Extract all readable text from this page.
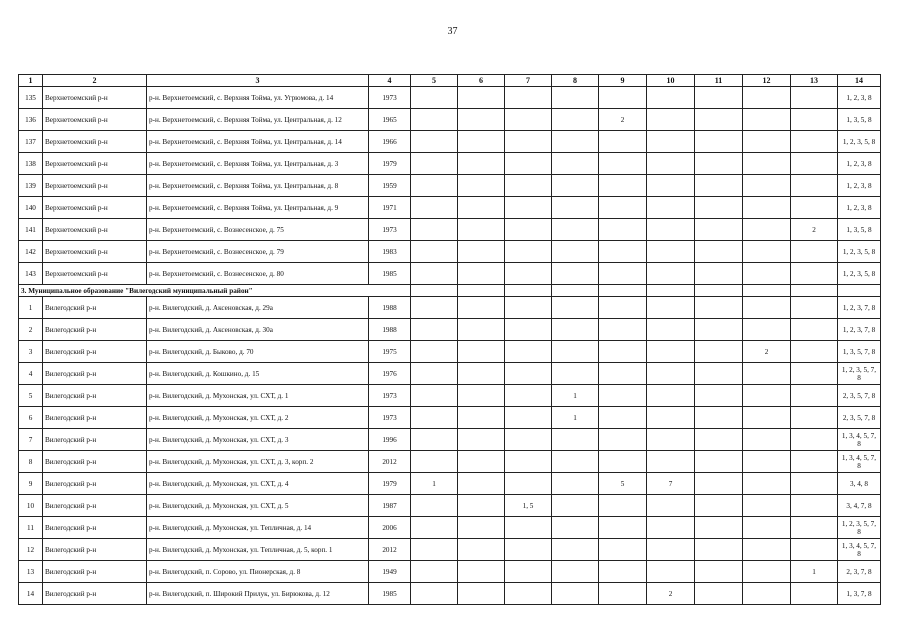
37
1	2	3	4	5	6	7	8	9	10	11	12	13	14
135	Верхнетоемский р-н	р-н. Верхнетоемский, с. Верхняя Тойма, ул. Угрюмова, д. 14	1973										1, 2, 3, 8
136	Верхнетоемский р-н	р-н. Верхнетоемский, с. Верхняя Тойма, ул. Центральная, д. 12	1965					2					1, 3, 5, 8
137	Верхнетоемский р-н	р-н. Верхнетоемский, с. Верхняя Тойма, ул. Центральная, д. 14	1966										1, 2, 3, 5, 8
138	Верхнетоемский р-н	р-н. Верхнетоемский, с. Верхняя Тойма, ул. Центральная, д. 3	1979										1, 2, 3, 8
139	Верхнетоемский р-н	р-н. Верхнетоемский, с. Верхняя Тойма, ул. Центральная, д. 8	1959										1, 2, 3, 8
140	Верхнетоемский р-н	р-н. Верхнетоемский, с. Верхняя Тойма, ул. Центральная, д. 9	1971										1, 2, 3, 8
141	Верхнетоемский р-н	р-н. Верхнетоемский, с. Вознесенское, д. 75	1973									2	1, 3, 5, 8
142	Верхнетоемский р-н	р-н. Верхнетоемский, с. Вознесенское, д. 79	1983										1, 2, 3, 5, 8
143	Верхнетоемский р-н	р-н. Верхнетоемский, с. Вознесенское, д. 80	1985										1, 2, 3, 5, 8
3. Муниципальное образование "Вилегодский муниципальный район"													
1	Вилегодский р-н	р-н. Вилегодский, д. Аксеновская, д. 29а	1988										1, 2, 3, 7, 8
2	Вилегодский р-н	р-н. Вилегодский, д. Аксеновская, д. 30а	1988										1, 2, 3, 7, 8
3	Вилегодский р-н	р-н. Вилегодский, д. Быково, д. 70	1975								2		1, 3, 5, 7, 8
4	Вилегодский р-н	р-н. Вилегодский, д. Кошкино, д. 15	1976										1, 2, 3, 5, 7, 8
5	Вилегодский р-н	р-н. Вилегодский, д. Мухонская, ул. СХТ, д. 1	1973				1						2, 3, 5, 7, 8
6	Вилегодский р-н	р-н. Вилегодский, д. Мухонская, ул. СХТ, д. 2	1973				1						2, 3, 5, 7, 8
7	Вилегодский р-н	р-н. Вилегодский, д. Мухонская, ул. СХТ, д. 3	1996										1, 3, 4, 5, 7, 8
8	Вилегодский р-н	р-н. Вилегодский, д. Мухонская, ул. СХТ, д. 3, корп. 2	2012										1, 3, 4, 5, 7, 8
9	Вилегодский р-н	р-н. Вилегодский, д. Мухонская, ул. СХТ, д. 4	1979	1				5	7				3, 4, 8
10	Вилегодский р-н	р-н. Вилегодский, д. Мухонская, ул. СХТ, д. 5	1987			1, 5							3, 4, 7, 8
11	Вилегодский р-н	р-н. Вилегодский, д. Мухонская, ул. Тепличная, д. 14	2006										1, 2, 3, 5, 7, 8
12	Вилегодский р-н	р-н. Вилегодский, д. Мухонская, ул. Тепличная, д. 5, корп. 1	2012										1, 3, 4, 5, 7, 8
13	Вилегодский р-н	р-н. Вилегодский, п. Сорово, ул. Пионерская, д. 8	1949									1	2, 3, 7, 8
14	Вилегодский р-н	р-н. Вилегодский, п. Широкий Прилук, ул. Бирюкова, д. 12	1985						2				1, 3, 7, 8
